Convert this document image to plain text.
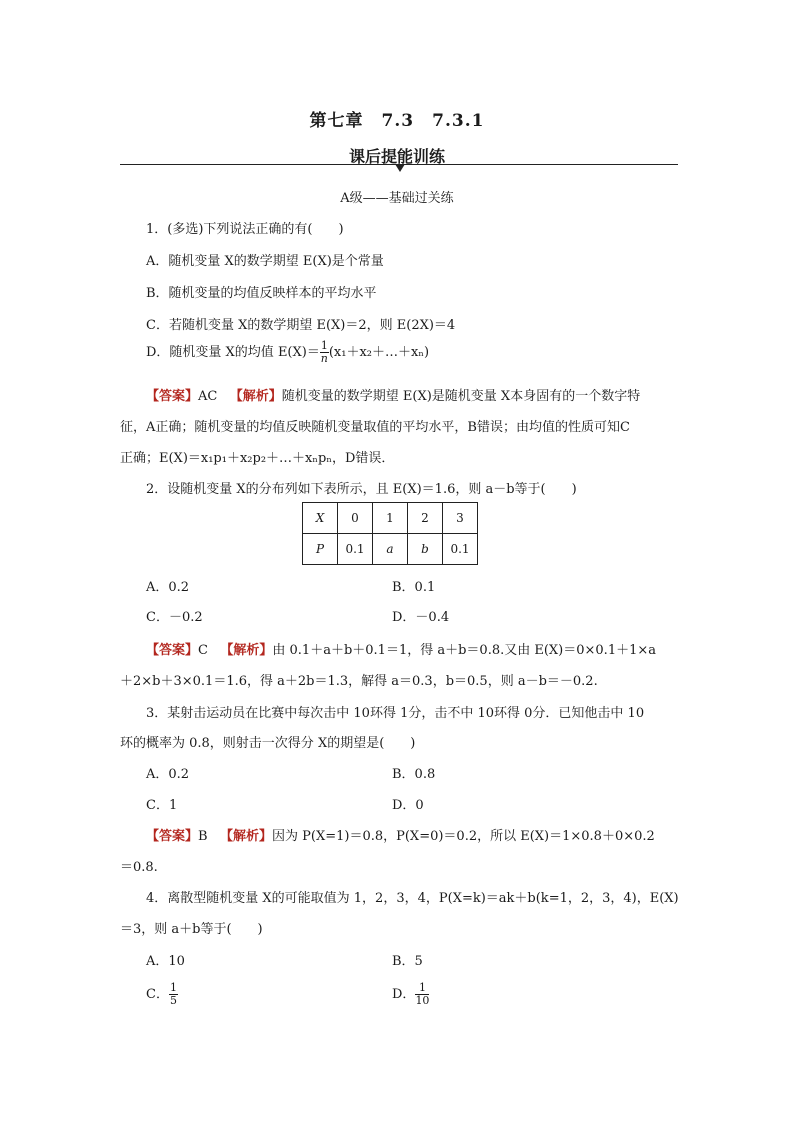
第七章　7.3　7.3.1
课后提能训练
A级——基础过关练
1．(多选)下列说法正确的有(　　)
A．随机变量 X的数学期望 E(X)是个常量
B．随机变量的均值反映样本的平均水平
C．若随机变量 X的数学期望 E(X)＝2，则 E(2X)＝4
D．随机变量 X的均值 $E(X)= \frac{1}{n}$ (x₁＋x₂＋…＋xₙ)
【答案】AC 【解析】随机变量的数学期望 E(X)是随机变量 X本身固有的一个数字特
征，A正确；随机变量的均值反映随机变量取值的平均水平，B错误；由均值的性质可知C
正确；E(X)＝x₁p₁＋x₂p₂＋…＋xₙpₙ，D错误．
2．设随机变量 X的分布列如下表所示，且 E(X)＝1.6，则 a－b等于(　　)
X	0	1	2	3
P	0.1	a	b	0.1
A．0.2	B．0.1
C．－0.2	D．－0.4
【答案】C 【解析】由 0.1＋a＋b＋0.1＝1，得 a＋b＝0.8.又由 E(X)＝0×0.1＋1×a
＋2×b＋3×0.1＝1.6，得 a＋2b＝1.3，解得 a＝0.3，b＝0.5，则 a－b＝－0.2.
3．某射击运动员在比赛中每次击中 10环得 1分，击不中 10环得 0分．已知他击中 10
环的概率为 0.8，则射击一次得分 X的期望是(　　)
A．0.2	B．0.8
C．1	D．0
【答案】B 【解析】因为 P(X=1)＝0.8，P(X=0)＝0.2，所以 E(X)＝1×0.8＋0×0.2
＝0.8.
4．离散型随机变量 X的可能取值为 1，2，3，4，P(X=k)＝ak＋b(k=1，2，3，4)，E(X)
＝3，则 a＋b等于(　　)
A．10	B．5
C． $\frac{1}{5}$	D． $\frac{1}{10}$
